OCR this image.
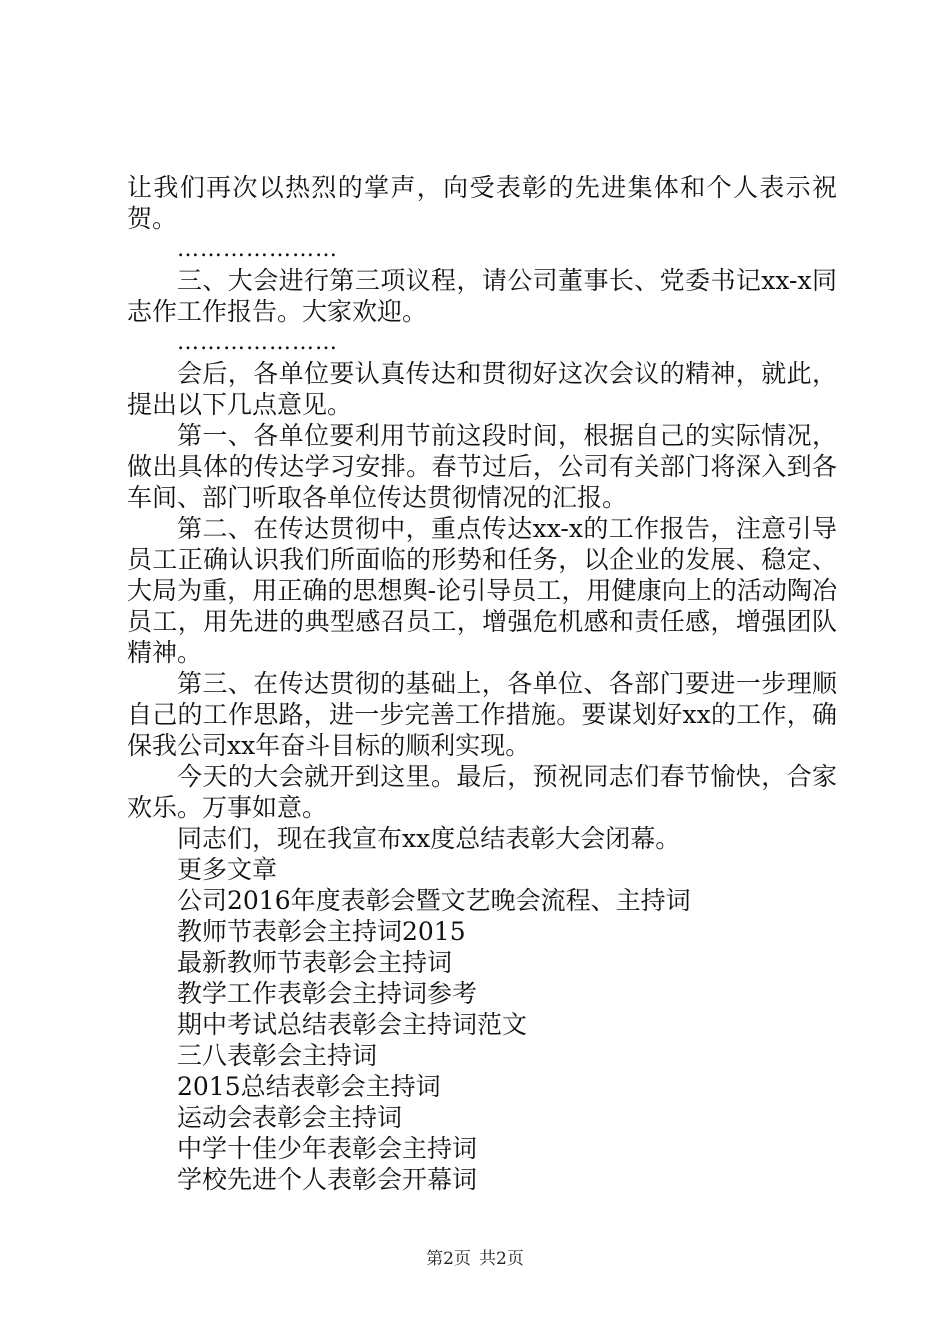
让我们再次以热烈的掌声，向受表彰的先进集体和个人表示祝贺。

…………………

三、大会进行第三项议程，请公司董事长、党委书记xx-x同志作工作报告。大家欢迎。

…………………

会后，各单位要认真传达和贯彻好这次会议的精神，就此，提出以下几点意见。

第一、各单位要利用节前这段时间，根据自己的实际情况，做出具体的传达学习安排。春节过后，公司有关部门将深入到各车间、部门听取各单位传达贯彻情况的汇报。

第二、在传达贯彻中，重点传达xx-x的工作报告，注意引导员工正确认识我们所面临的形势和任务，以企业的发展、稳定、大局为重，用正确的思想舆-论引导员工，用健康向上的活动陶冶员工，用先进的典型感召员工，增强危机感和责任感，增强团队精神。

第三、在传达贯彻的基础上，各单位、各部门要进一步理顺自己的工作思路，进一步完善工作措施。要谋划好xx的工作，确保我公司xx年奋斗目标的顺利实现。

今天的大会就开到这里。最后，预祝同志们春节愉快，合家欢乐。万事如意。

同志们，现在我宣布xx度总结表彰大会闭幕。

更多文章

公司2016年度表彰会暨文艺晚会流程、主持词

教师节表彰会主持词2015

最新教师节表彰会主持词

教学工作表彰会主持词参考

期中考试总结表彰会主持词范文

三八表彰会主持词

2015总结表彰会主持词

运动会表彰会主持词

中学十佳少年表彰会主持词

学校先进个人表彰会开幕词

第2页 共2页
